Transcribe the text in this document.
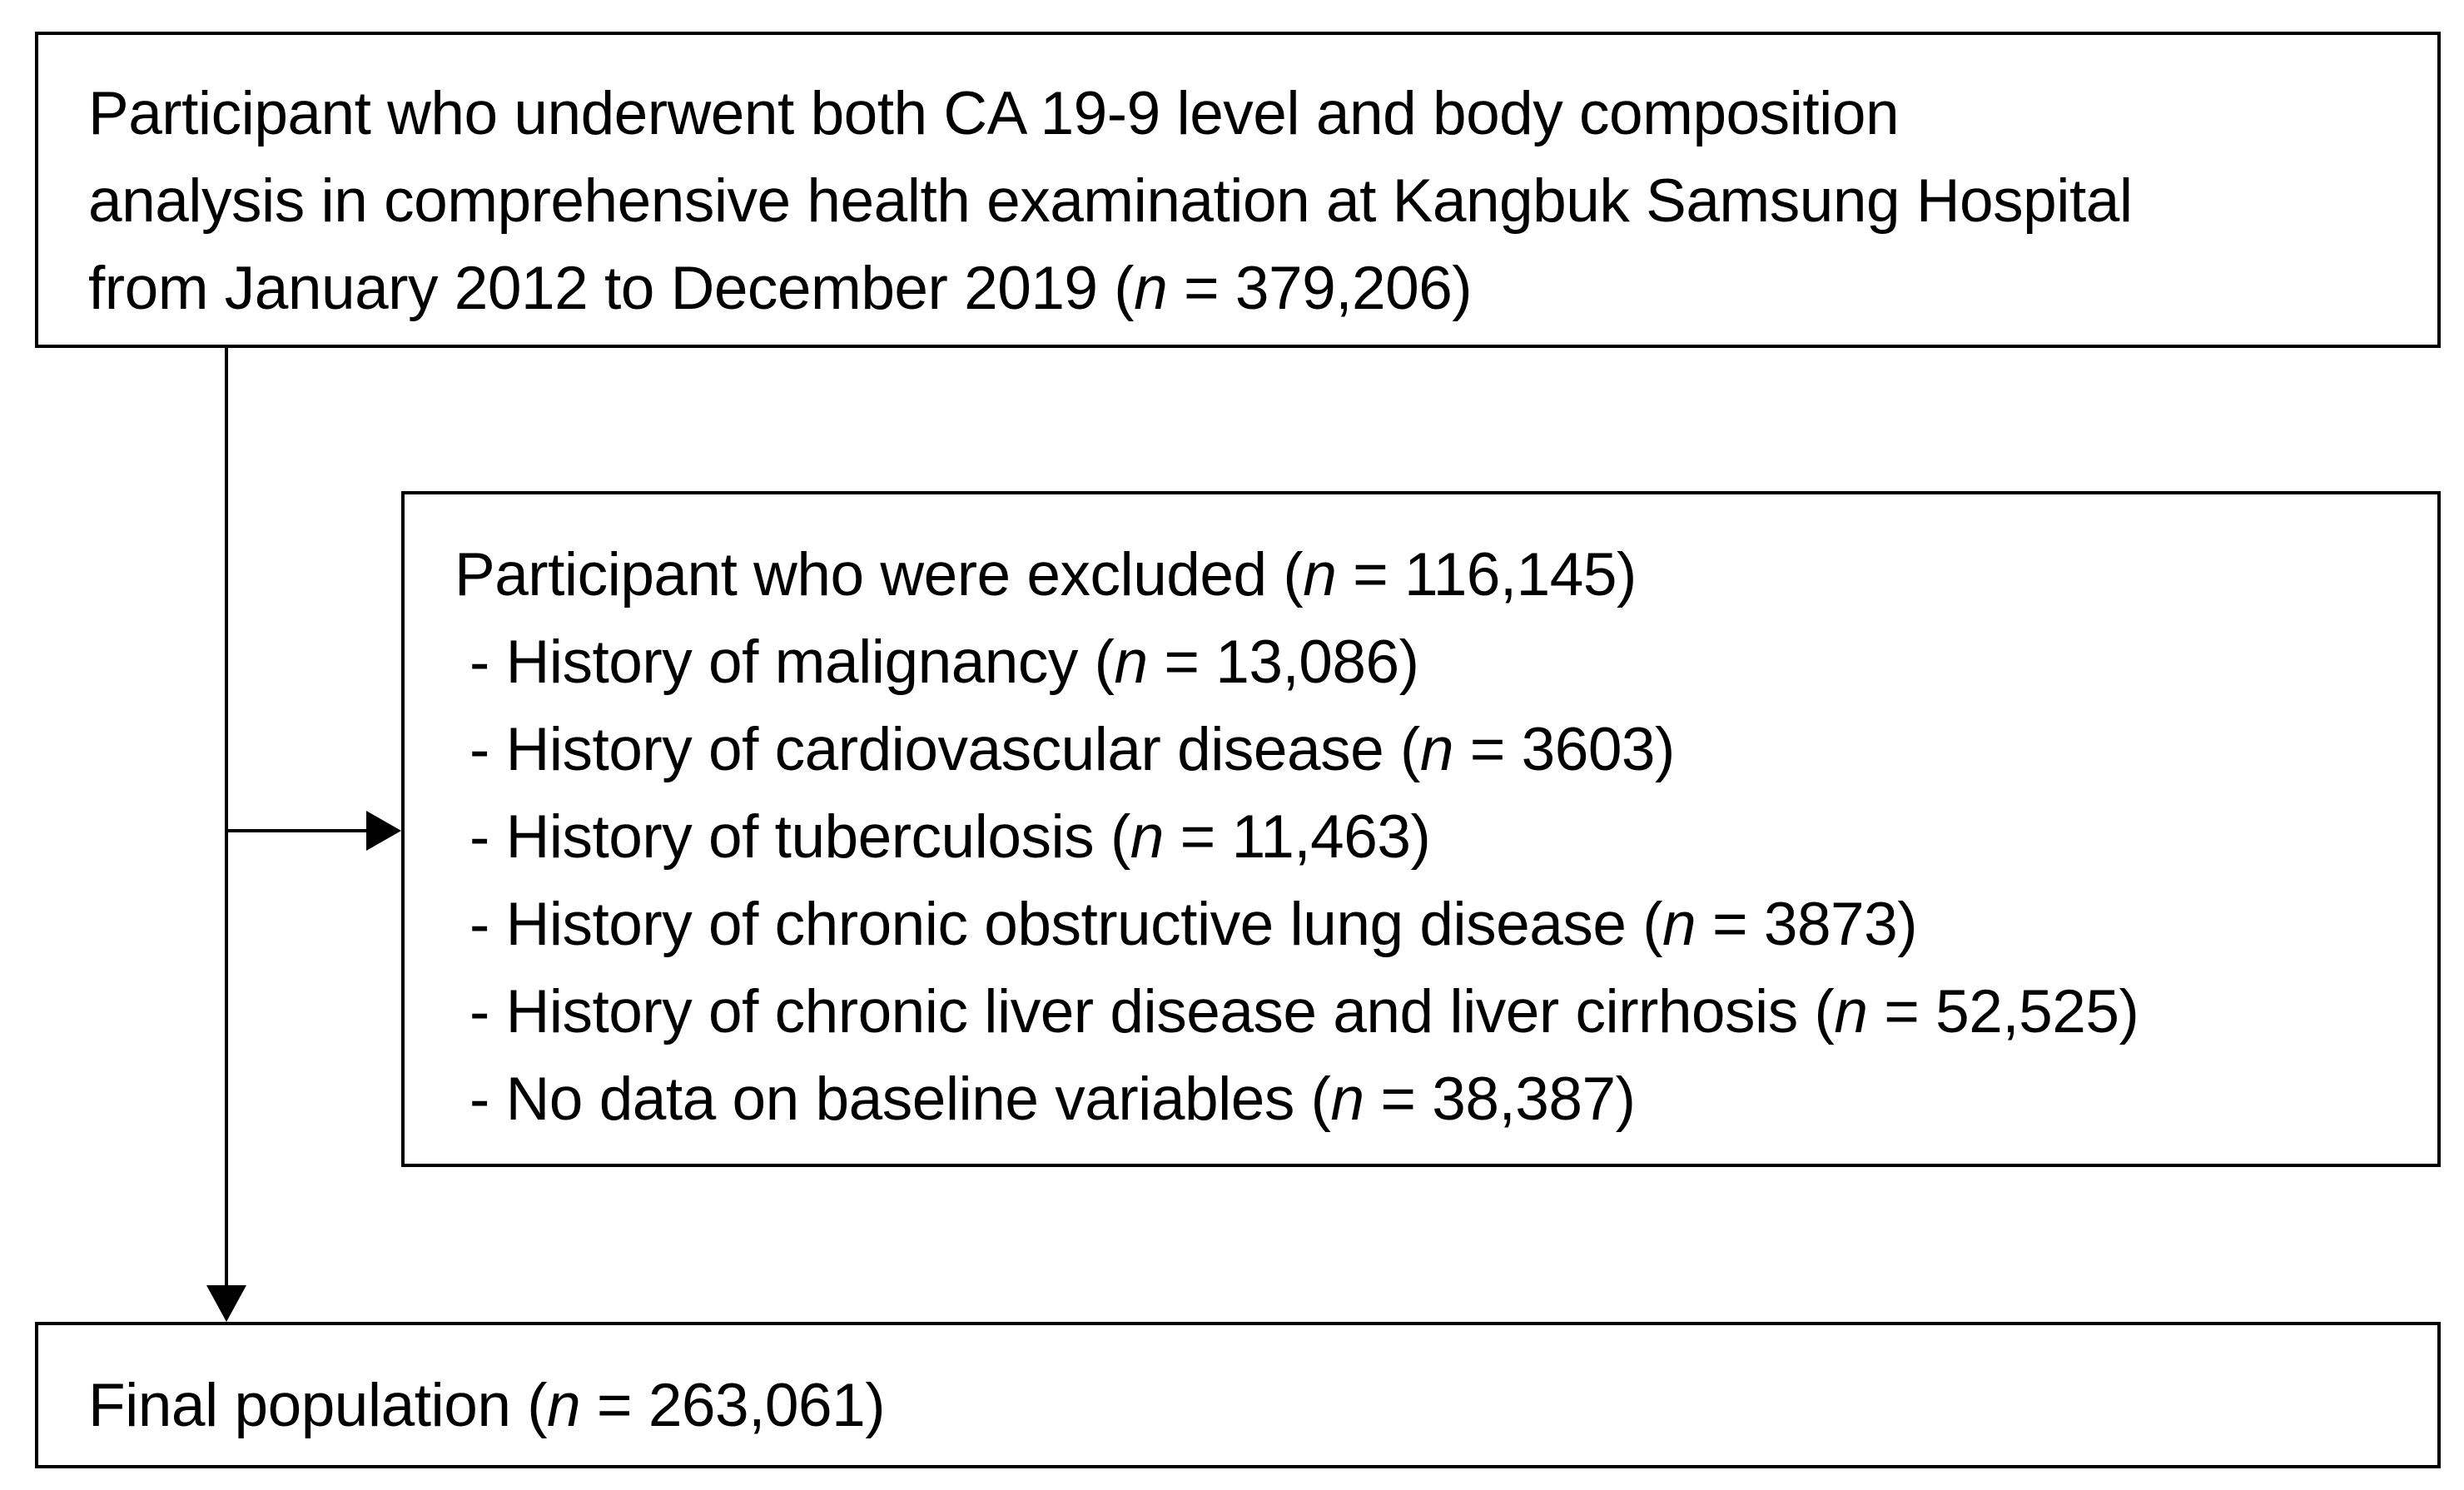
Participant who underwent both CA 19-9 level and body composition
analysis in comprehensive health examination at Kangbuk Samsung Hospital
from January 2012 to December 2019 (n = 379,206)
Participant who were excluded (n = 116,145)
- History of malignancy (n = 13,086)
- History of cardiovascular disease (n = 3603)
- History of tuberculosis (n = 11,463)
- History of chronic obstructive lung disease (n = 3873)
- History of chronic liver disease and liver cirrhosis (n = 52,525)
- No data on baseline variables (n = 38,387)
Final population (n = 263,061)
